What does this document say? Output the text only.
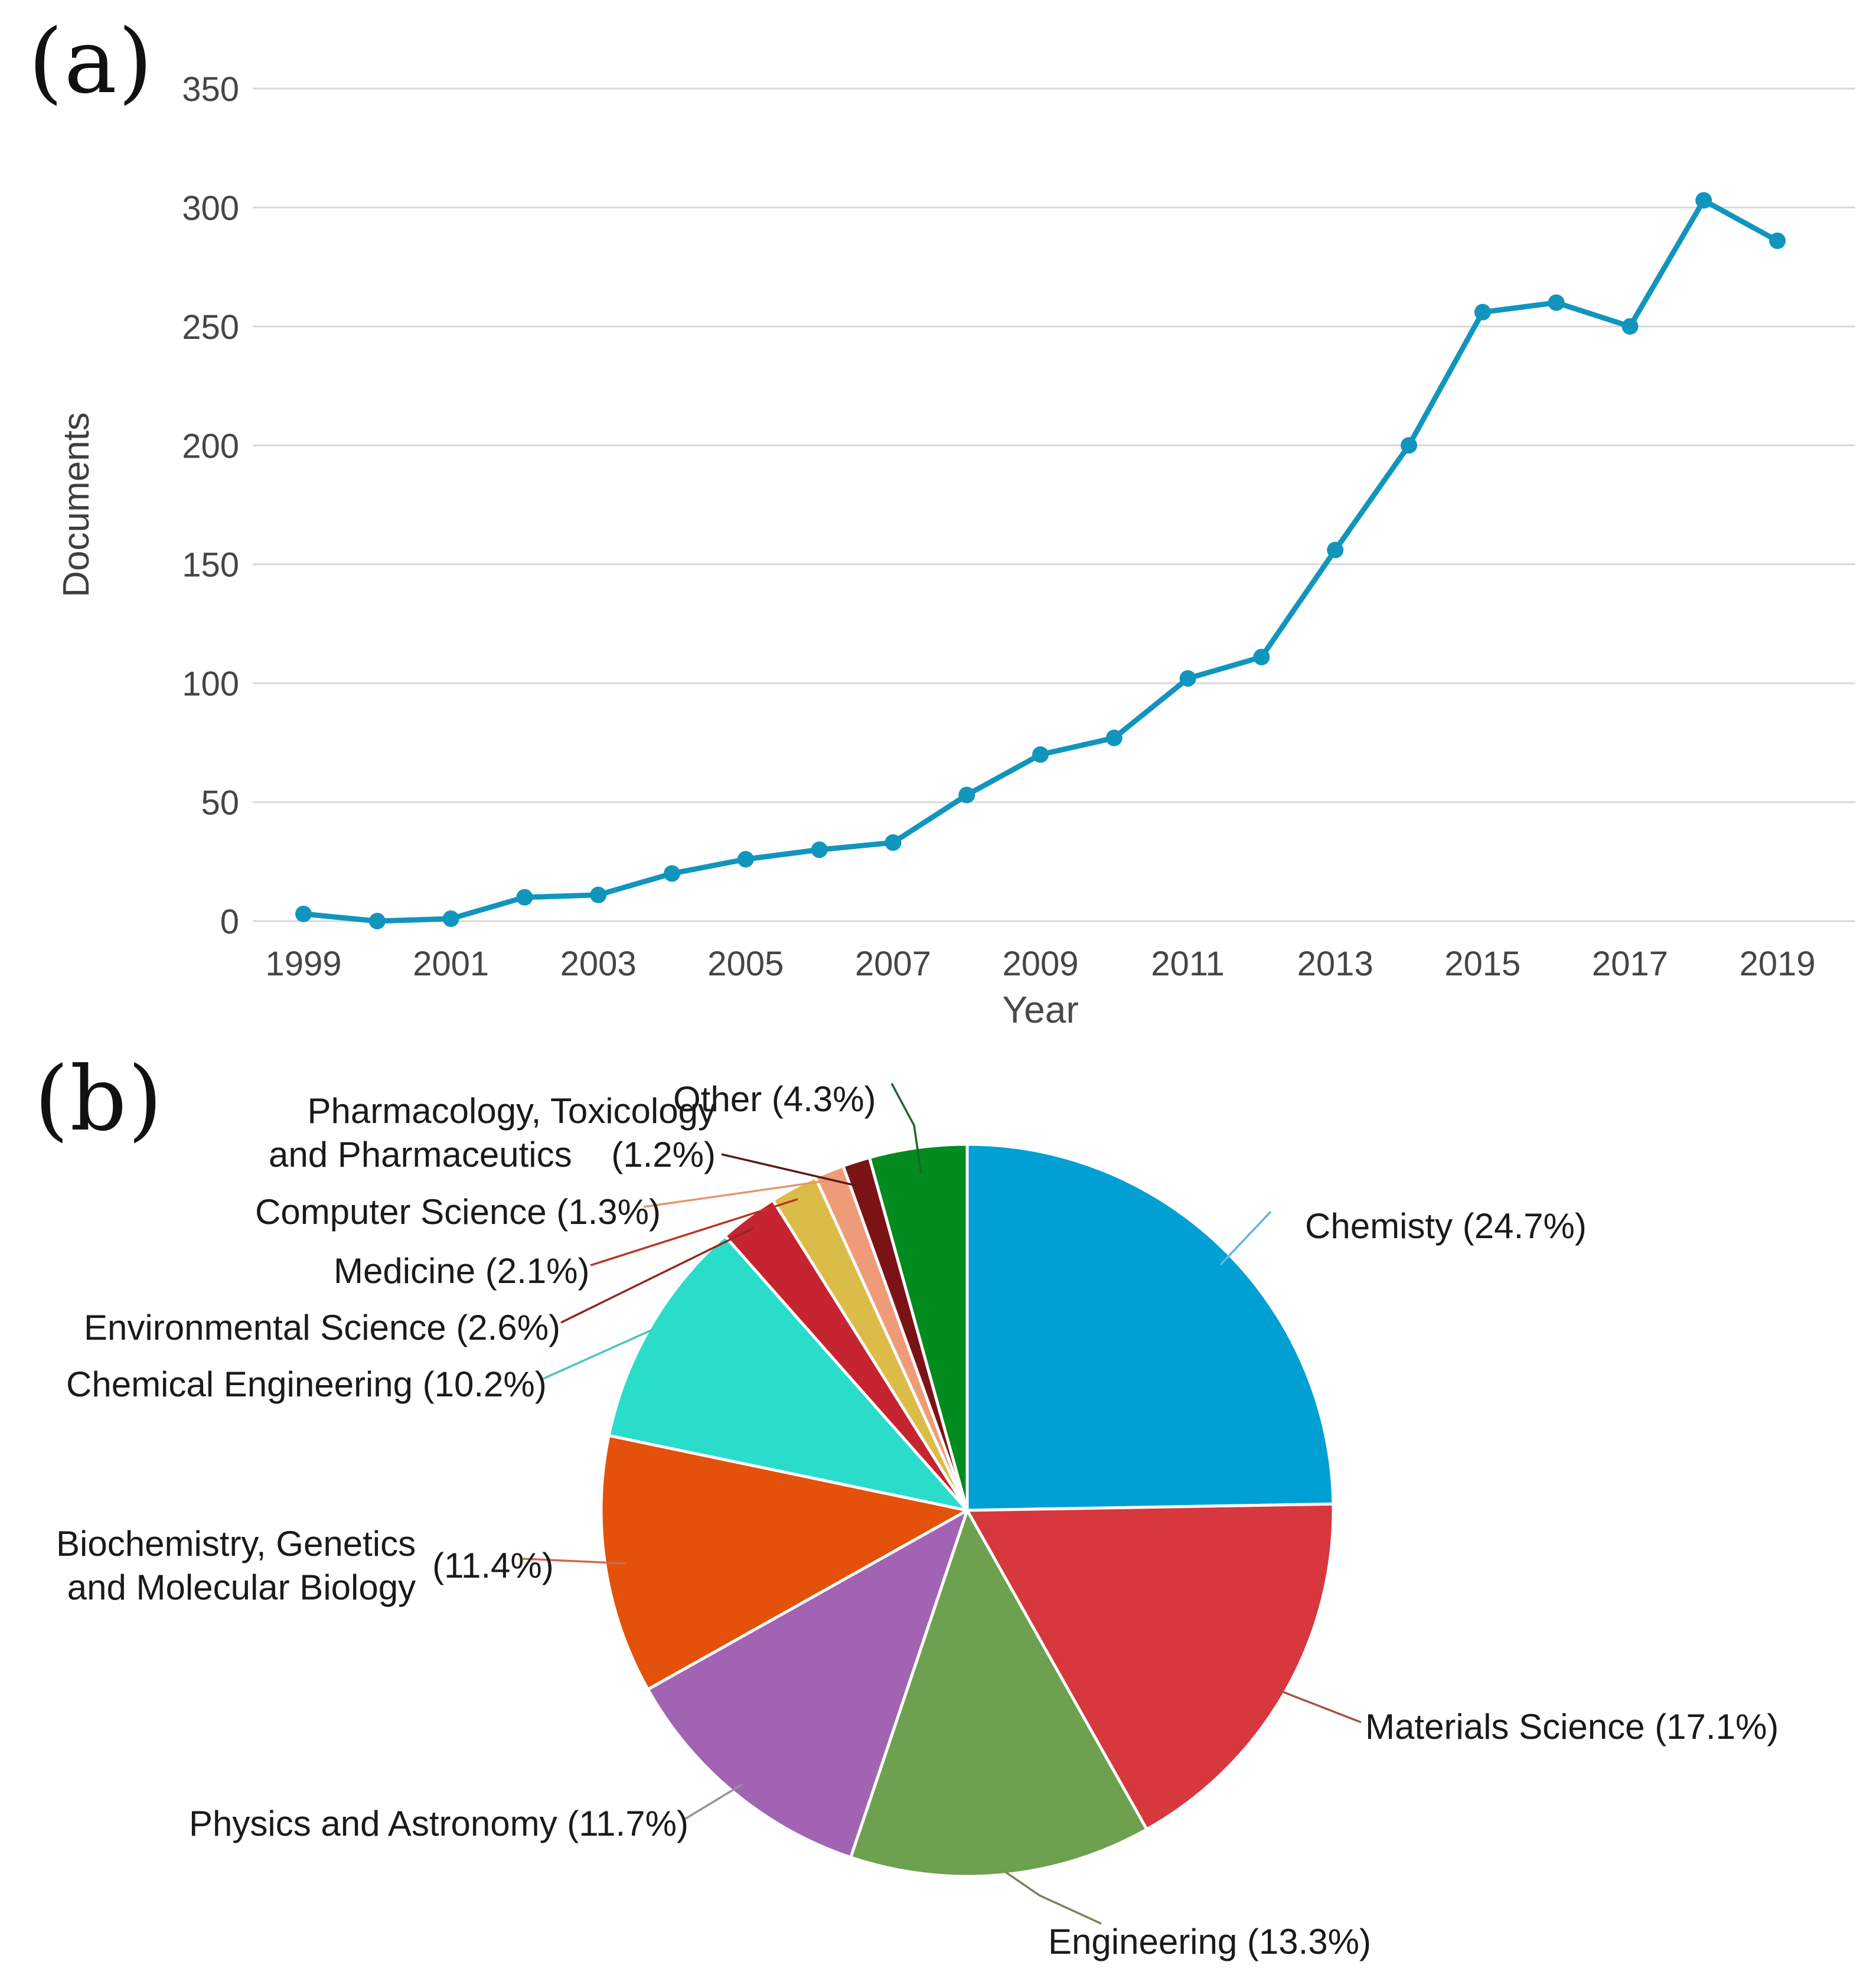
(a)
(b)
0
50
100
150
200
250
300
350
1999 2001 2003 2005 2007 2009 2011 2013 2015 2017 2019
Documents
Year
Chemisty (24.7%)
Materials Science (17.1%)
Engineering (13.3%)
Physics and Astronomy (11.7%)
Biochemistry, Genetics
and Molecular Biology
(11.4%)
Chemical Engineering (10.2%)
Environmental Science (2.6%)
Medicine (2.1%)
Computer Science (1.3%)
Pharmacology, Toxicology
and Pharmaceutics    (1.2%)
Other (4.3%)
